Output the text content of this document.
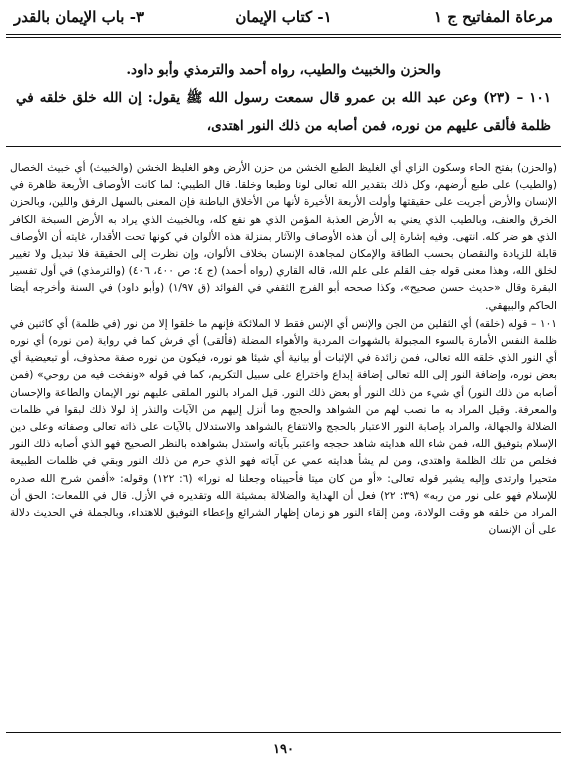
مرعاة المفاتيح ج ١
١- كتاب الإيمان
٣- باب الإيمان بالقدر

والحزن والخبيث والطيب، رواه أحمد والترمذي وأبو داود.

١٠١ – (٢٣) وعن عبد الله بن عمرو قال سمعت رسول الله ﷺ يقول: إن الله خلق خلقه في ظلمة فألقى عليهم من نوره، فمن أصابه من ذلك النور اهتدى،

(والحزن) بفتح الحاء وسكون الزاي أي الغليظ الطبع الخشن من حزن الأرض وهو الغليظ الخشن (والخبيث) أي خبيث الخصال (والطيب) على طبع أرضهم، وكل ذلك بتقدير الله تعالى لونا وطبعا وخلقا. قال الطيبي: لما كانت الأوصاف الأربعة ظاهرة في الإنسان والأرض أجريت على حقيقتها وأولت الأربعة الأخيرة لأنها من الأخلاق الباطنة فإن المعنى بالسهل الرفق واللين، وبالحزن الخرق والعنف، وبالطيب الذي يعني به الأرض العذبة المؤمن الذي هو نفع كله، وبالخبيث الذي يراد به الأرض السبخة الكافر الذي هو ضر كله. انتهى. وفيه إشارة إلى أن هذه الأوصاف والآثار بمنزلة هذه الألوان في كونها تحت الأقدار، غايته أن الأوصاف قابلة للزيادة والنقصان بحسب الطاقة والإمكان لمجاهدة الإنسان بخلاف الألوان، وإن نظرت إلى الحقيقة فلا تبديل ولا تغيير لخلق الله، وهذا معنى قوله جف القلم على علم الله، قاله القاري (رواه أحمد) (ج ٤: ص ٤٠٠، ٤٠٦) (والترمذي) في أول تفسير البقرة وقال «حديث حسن صحيح»، وكذا صححه أبو الفرج الثقفي في الفوائد (ق ١/٩٧) (وأبو داود) في السنة وأخرجه أيضا الحاكم والبيهقي.

١٠١ – قوله (خلقه) أي الثقلين من الجن والإنس أي الإنس فقط لا الملائكة فإنهم ما خلقوا إلا من نور (في ظلمة) أي كائنين في ظلمة النفس الأمارة بالسوء المجبولة بالشهوات المردية والأهواء المضلة (فألقى) أي فرش كما في رواية (من نوره) أي نوره أي النور الذي خلقه الله تعالى، فمن زائدة في الإثبات أو بيانية أي شيئا هو نوره، فيكون من نوره صفة محذوف، أو تبعيضية أي بعض نوره، وإضافة النور إلى الله تعالى إضافة إبداع واختراع على سبيل التكريم، كما في قوله «ونفخت فيه من روحي» (فمن أصابه من ذلك النور) أي شيء من ذلك النور أو بعض ذلك النور. قيل المراد بالنور الملقى عليهم نور الإيمان والطاعة والإحسان والمعرفة. وقيل المراد به ما نصب لهم من الشواهد والحجج وما أنزل إليهم من الآيات والنذر إذ لولا ذلك لبقوا في ظلمات الضلالة والجهالة، والمراد بإصابة النور الاعتبار بالحجج والانتفاع بالشواهد والاستدلال بالآيات على ذاته تعالى وصفاته وعلى دين الإسلام بتوفيق الله، فمن شاء الله هدايته شاهد حججه واعتبر بآياته واستدل بشواهده بالنظر الصحيح فهو الذي أصابه ذلك النور فخلص من تلك الظلمة واهتدى، ومن لم يشأ هدايته عمي عن آياته فهو الذي حرم من ذلك النور وبقي في ظلمات الطبيعة متحيرا وارتدى وإليه يشير قوله تعالى: «أو من كان ميتا فأحييناه وجعلنا له نورا» (٦: ١٢٢) وقوله: «أفمن شرح الله صدره للإسلام فهو على نور من ربه» (٣٩: ٢٢) فعل أن الهداية والضلالة بمشيئة الله وتقديره في الأزل. قال في اللمعات: الحق أن المراد من خلقه هو وقت الولادة، ومن إلقاء النور هو زمان إظهار الشرائع وإعطاء التوفيق للاهتداء، وبالجملة في الحديث دلالة على أن الإنسان

١٩٠
